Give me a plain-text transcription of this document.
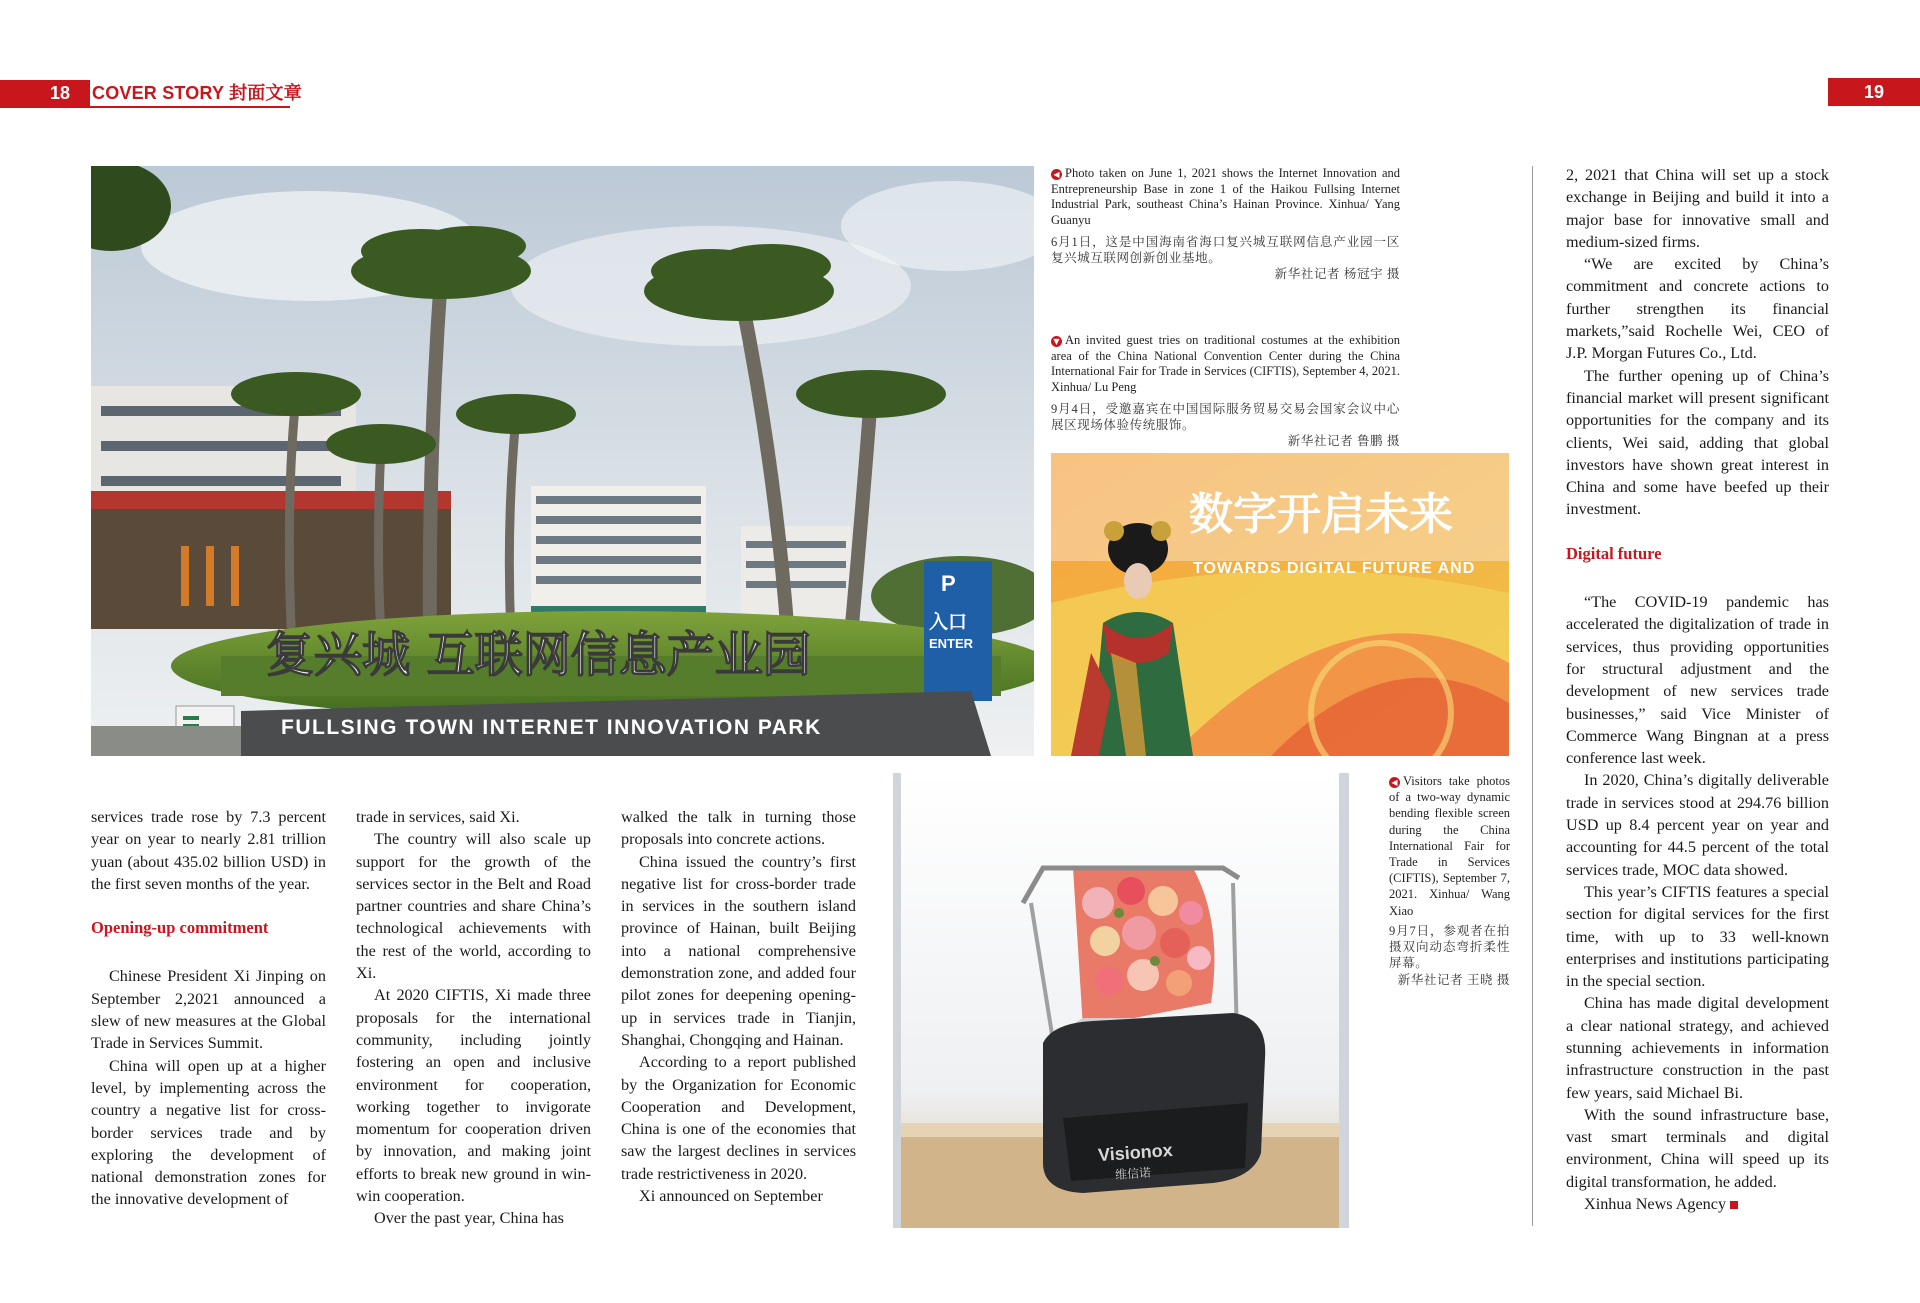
18 COVER STORY 封面文章	19
P
入口
ENTER
复兴城 互联网信息产业园
FULLSING TOWN INTERNET INNOVATION PARK
◀ Photo taken on June 1, 2021 shows the Internet Innovation and Entrepreneurship Base in zone 1 of the Haikou Fullsing Internet Industrial Park, southeast China’s Hainan Province. Xinhua/ Yang Guanyu
6月1日，这是中国海南省海口复兴城互联网信息产业园一区复兴城互联网创新创业基地。
新华社记者 杨冠宇 摄
▼ An invited guest tries on traditional costumes at the exhibition area of the China National Convention Center during the China International Fair for Trade in Services (CIFTIS), September 4, 2021. Xinhua/ Lu Peng
9月4日，受邀嘉宾在中国国际服务贸易交易会国家会议中心展区现场体验传统服饰。
新华社记者 鲁鹏 摄
数字开启未来
TOWARDS DIGITAL FUTURE AND
Visionox
维信诺
◀ Visitors take photos of a two-way dynamic bending flexible screen during the China International Fair for Trade in Services (CIFTIS), September 7, 2021. Xinhua/ Wang Xiao
9月7日，参观者在拍摄双向动态弯折柔性屏幕。
新华社记者 王晓 摄

services trade rose by 7.3 percent year on year to nearly 2.81 trillion yuan (about 435.02 billion USD) in the first seven months of the year.

Opening-up commitment

Chinese President Xi Jinping on September 2,2021 announced a slew of new measures at the Global Trade in Services Summit.

China will open up at a higher level, by implementing across the country a negative list for cross-border services trade and by exploring the development of national demonstration zones for the innovative development of

trade in services, said Xi.

The country will also scale up support for the growth of the services sector in the Belt and Road partner countries and share China’s technological achievements with the rest of the world, according to Xi.

At 2020 CIFTIS, Xi made three proposals for the international community, including jointly fostering an open and inclusive environment for cooperation, working together to invigorate momentum for cooperation driven by innovation, and making joint efforts to break new ground in win-win cooperation.

Over the past year, China has

walked the talk in turning those proposals into concrete actions.

China issued the country’s first negative list for cross-border trade in services in the southern island province of Hainan, built Beijing into a national comprehensive demonstration zone, and added four pilot zones for deepening opening-up in services trade in Tianjin, Shanghai, Chongqing and Hainan.

According to a report published by the Organization for Economic Cooperation and Development, China is one of the economies that saw the largest declines in services trade restrictiveness in 2020.

Xi announced on September

2, 2021 that China will set up a stock exchange in Beijing and build it into a major base for innovative small and medium-sized firms.

“We are excited by China’s commitment and concrete actions to further strengthen its financial markets,”said Rochelle Wei, CEO of J.P. Morgan Futures Co., Ltd.

The further opening up of China’s financial market will present significant opportunities for the company and its clients, Wei said, adding that global investors have shown great interest in China and some have beefed up their investment.

Digital future

“The COVID-19 pandemic has accelerated the digitalization of trade in services, thus providing opportunities for structural adjustment and the development of new services trade businesses,” said Vice Minister of Commerce Wang Bingnan at a press conference last week.

In 2020, China’s digitally deliverable trade in services stood at 294.76 billion USD up 8.4 percent year on year and accounting for 44.5 percent of the total services trade, MOC data showed.

This year’s CIFTIS features a special section for digital services for the first time, with up to 33 well-known enterprises and institutions participating in the special section.

China has made digital development a clear national strategy, and achieved stunning achievements in information infrastructure construction in the past few years, said Michael Bi.

With the sound infrastructure base, vast smart terminals and digital environment, China will speed up its digital transformation, he added.

Xinhua News Agency
